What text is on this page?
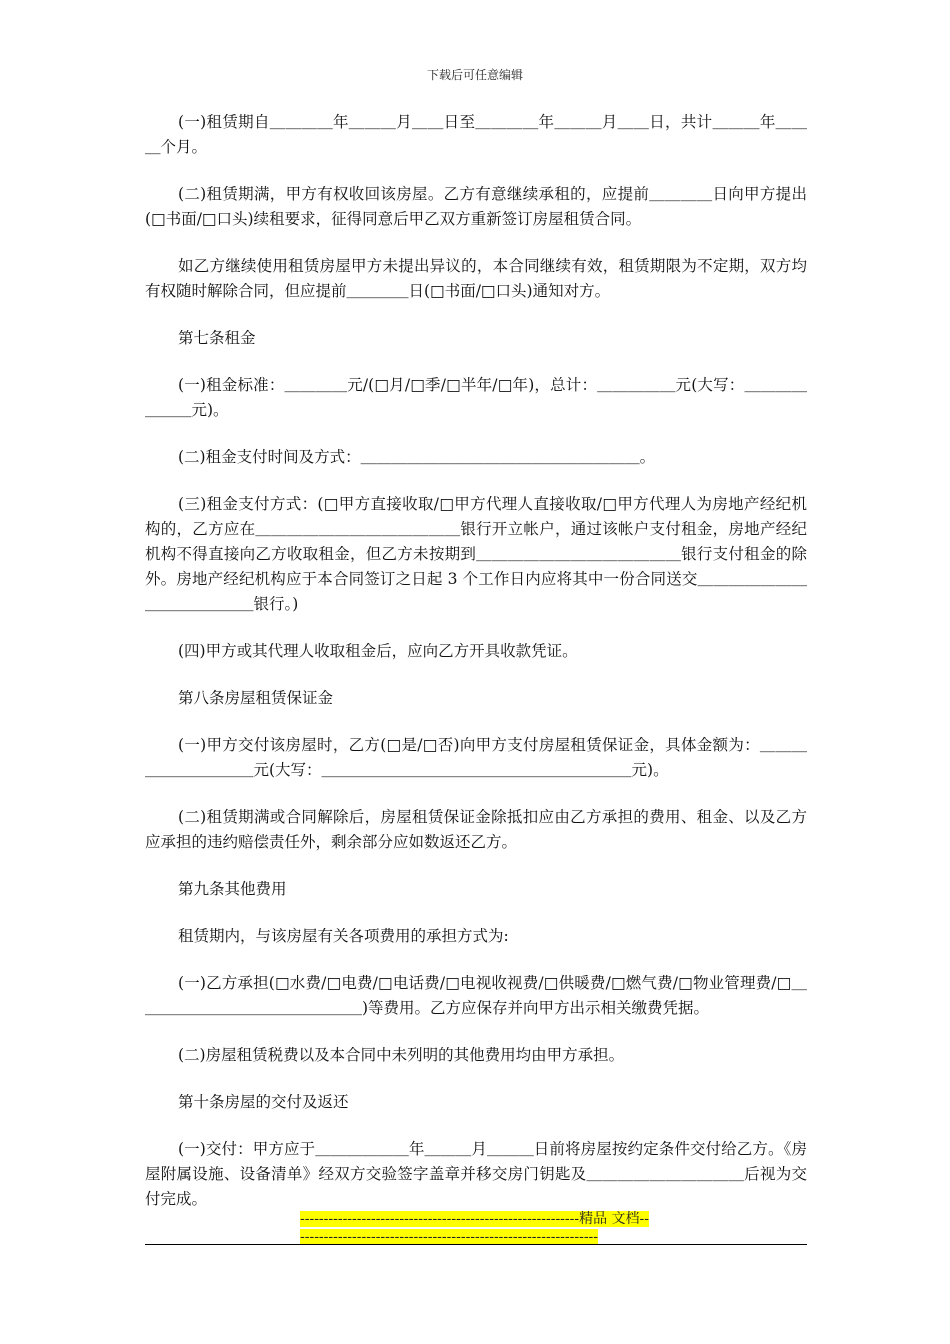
下载后可任意编辑

(一)租赁期自＿＿＿＿年＿＿＿月＿＿日至＿＿＿＿年＿＿＿月＿＿日，共计＿＿＿年＿＿＿个月。

(二)租赁期满，甲方有权收回该房屋。乙方有意继续承租的，应提前＿＿＿＿日向甲方提出(□书面/□口头)续租要求，征得同意后甲乙双方重新签订房屋租赁合同。

如乙方继续使用租赁房屋甲方未提出异议的，本合同继续有效，租赁期限为不定期，双方均有权随时解除合同，但应提前＿＿＿＿日(□书面/□口头)通知对方。

第七条租金

(一)租金标准：＿＿＿＿元/(□月/□季/□半年/□年)，总计：＿＿＿＿＿元(大写：＿＿＿＿＿＿＿元)。

(二)租金支付时间及方式：＿＿＿＿＿＿＿＿＿＿＿＿＿＿＿＿＿＿。

(三)租金支付方式：(□甲方直接收取/□甲方代理人直接收取/□甲方代理人为房地产经纪机构的，乙方应在＿＿＿＿＿＿＿＿＿＿＿＿＿银行开立帐户，通过该帐户支付租金，房地产经纪机构不得直接向乙方收取租金，但乙方未按期到＿＿＿＿＿＿＿＿＿＿＿＿＿银行支付租金的除外。房地产经纪机构应于本合同签订之日起 3 个工作日内应将其中一份合同送交＿＿＿＿＿＿＿＿＿＿＿＿＿＿银行。)

(四)甲方或其代理人收取租金后，应向乙方开具收款凭证。

第八条房屋租赁保证金

(一)甲方交付该房屋时，乙方(□是/□否)向甲方支付房屋租赁保证金，具体金额为：＿＿＿＿＿＿＿＿＿＿元(大写：＿＿＿＿＿＿＿＿＿＿＿＿＿＿＿＿＿＿＿＿元)。

(二)租赁期满或合同解除后，房屋租赁保证金除抵扣应由乙方承担的费用、租金、以及乙方应承担的违约赔偿责任外，剩余部分应如数返还乙方。

第九条其他费用

租赁期内，与该房屋有关各项费用的承担方式为:

(一)乙方承担(□水费/□电费/□电话费/□电视收视费/□供暖费/□燃气费/□物业管理费/□＿＿＿＿＿＿＿＿＿＿＿＿＿＿＿)等费用。乙方应保存并向甲方出示相关缴费凭据。

(二)房屋租赁税费以及本合同中未列明的其他费用均由甲方承担。

第十条房屋的交付及返还

(一)交付：甲方应于＿＿＿＿＿＿年＿＿＿月＿＿＿日前将房屋按约定条件交付给乙方。《房屋附属设施、设备清单》经双方交验签字盖章并移交房门钥匙及＿＿＿＿＿＿＿＿＿＿后视为交付完成。

-----------------------------------------------------------精品 文档-----------------------------------------------------------------
